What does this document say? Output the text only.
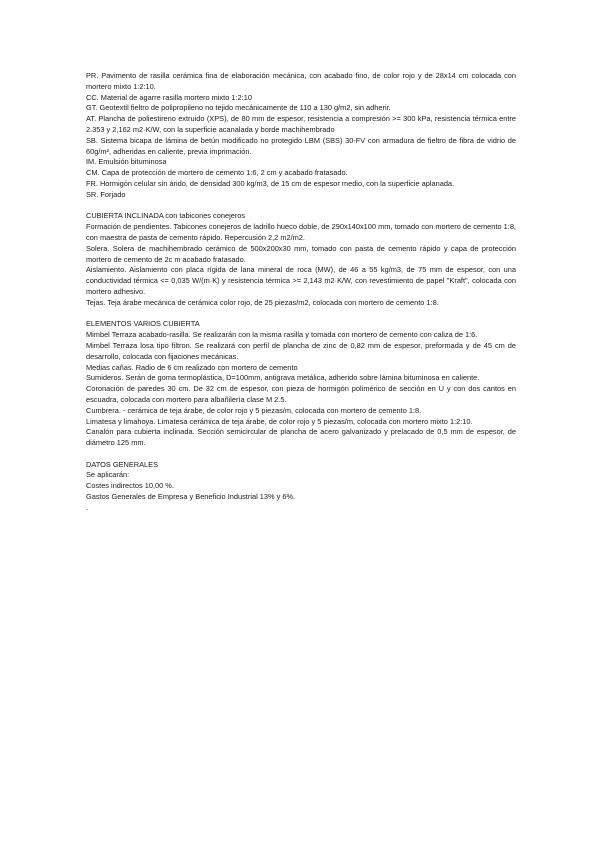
PR. Pavimento de rasilla cerámica fina de elaboración mecánica, con acabado fino, de color rojo y de 28x14 cm colocada con mortero mixto 1:2:10.

CC. Material de agarre rasilla mortero mixto 1:2:10

GT. Geotextil fieltro de polipropileno no tejido mecánicamente de 110 a 130 g/m2, sin adherir.

AT. Plancha de poliestireno extruido (XPS), de 80 mm de espesor, resistencia a compresión >= 300 kPa, resistencia térmica entre 2.353 y 2,162 m2·K/W, con la superficie acanalada y borde machihembrado

SB. Sistema bicapa de lámina de betún modificado no protegido LBM (SBS) 30-FV con armadura de fieltro de fibra de vidrio de 60g/m², adheridas en caliente, previa imprimación.

IM. Emulsión bituminosa

CM. Capa de protección de mortero de cemento 1:6, 2 cm y acabado fratasado.

FR. Hormigón celular sin árido, de densidad 300 kg/m3, de 15 cm de espesor medio, con la superficie aplanada.

SR. Forjado

CUBIERTA INCLINADA con tabicones conejeros

Formación de pendientes. Tabicones conejeros de ladrillo hueco doble, de 290x140x100 mm, tomado con mortero de cemento 1:8, con maestra de pasta de cemento rápido. Repercusión 2,2 m2/m2.

Solera. Solera de machihembrado cerámico de 500x200x30 mm, tomado con pasta de cemento rápido y capa de protección mortero de cemento de 2c m acabado fratasado.

Aislamiento. Aislamiento con placa rígida de lana mineral de roca (MW), de 46 a 55 kg/m3, de 75 mm de espesor, con una conductividad térmica <= 0,035 W/(m·K) y resistencia térmica >= 2,143 m2·K/W, con revestimiento de papel "Kraft", colocada con mortero adhesivo.

Tejas. Teja árabe mecánica de cerámica color rojo, de 25 piezas/m2, colocada con mortero de cemento 1:8.

ELEMENTOS VARIOS CUBIERTA

Mimbel Terraza acabado-rasilla. Se realizarán con la misma rasilla y tomada con mortero de cemento con caliza de 1:6.

Mimbel Terraza losa tipo filtron. Se realizará con perfil de plancha de zinc de 0,82 mm de espesor, preformada y de 45 cm de desarrollo, colocada con fijaciones mecánicas.

Medias cañas. Radio de 6 cm realizado con mortero de cemento

Sumideros. Serán de goma termoplástica, D=100mm, antigrava metálica, adherido sobre lámina bituminosa en caliente.

Coronación de paredes 30 cm. De 32 cm de espesor, con pieza de hormigón polimérico de sección en U y con dos cantos en escuadra, colocada con mortero para albañilería clase M 2.5.

Cumbrera. - cerámica de teja árabe, de color rojo y 5 piezas/m, colocada con mortero de cemento 1:8.

Limatesa y limahoya. Limatesa cerámica de teja árabe, de color rojo y 5 piezas/m, colocada con mortero mixto 1:2:10.

Canalón para cubierta inclinada. Sección semicircular de plancha de acero galvanizado y prelacado de 0,5 mm de espesor, de diámetro 125 mm.

DATOS GENERALES

Se aplicarán:

Costes indirectos 10,00 %.

Gastos Generales de Empresa y Beneficio Industrial 13% y 6%.

.
